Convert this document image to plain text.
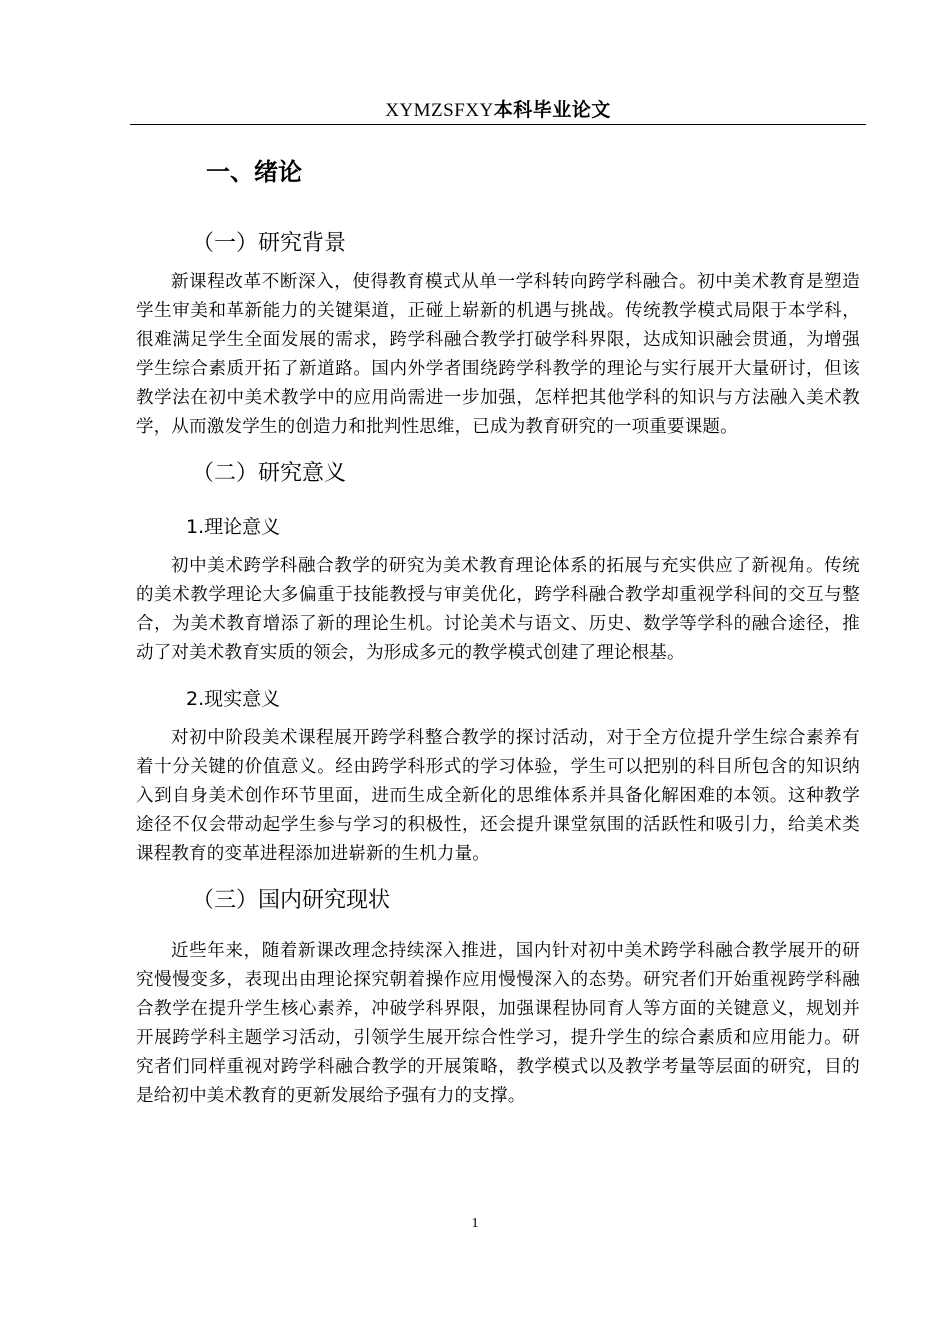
XYMZSFXY本科毕业论文
一、绪论
（一）研究背景

新课程改革不断深入，使得教育模式从单一学科转向跨学科融合。初中美术教育是塑造学生审美和革新能力的关键渠道，正碰上崭新的机遇与挑战。传统教学模式局限于本学科，很难满足学生全面发展的需求，跨学科融合教学打破学科界限，达成知识融会贯通，为增强学生综合素质开拓了新道路。国内外学者围绕跨学科教学的理论与实行展开大量研讨，但该教学法在初中美术教学中的应用尚需进一步加强，怎样把其他学科的知识与方法融入美术教学，从而激发学生的创造力和批判性思维，已成为教育研究的一项重要课题。

（二）研究意义
1.理论意义

初中美术跨学科融合教学的研究为美术教育理论体系的拓展与充实供应了新视角。传统的美术教学理论大多偏重于技能教授与审美优化，跨学科融合教学却重视学科间的交互与整合，为美术教育增添了新的理论生机。讨论美术与语文、历史、数学等学科的融合途径，推动了对美术教育实质的领会，为形成多元的教学模式创建了理论根基。

2.现实意义

对初中阶段美术课程展开跨学科整合教学的探讨活动，对于全方位提升学生综合素养有着十分关键的价值意义。经由跨学科形式的学习体验，学生可以把别的科目所包含的知识纳入到自身美术创作环节里面，进而生成全新化的思维体系并具备化解困难的本领。这种教学途径不仅会带动起学生参与学习的积极性，还会提升课堂氛围的活跃性和吸引力，给美术类课程教育的变革进程添加进崭新的生机力量。

（三）国内研究现状

近些年来，随着新课改理念持续深入推进，国内针对初中美术跨学科融合教学展开的研究慢慢变多，表现出由理论探究朝着操作应用慢慢深入的态势。研究者们开始重视跨学科融合教学在提升学生核心素养，冲破学科界限，加强课程协同育人等方面的关键意义，规划并开展跨学科主题学习活动，引领学生展开综合性学习，提升学生的综合素质和应用能力。研究者们同样重视对跨学科融合教学的开展策略，教学模式以及教学考量等层面的研究，目的是给初中美术教育的更新发展给予强有力的支撑。

1
